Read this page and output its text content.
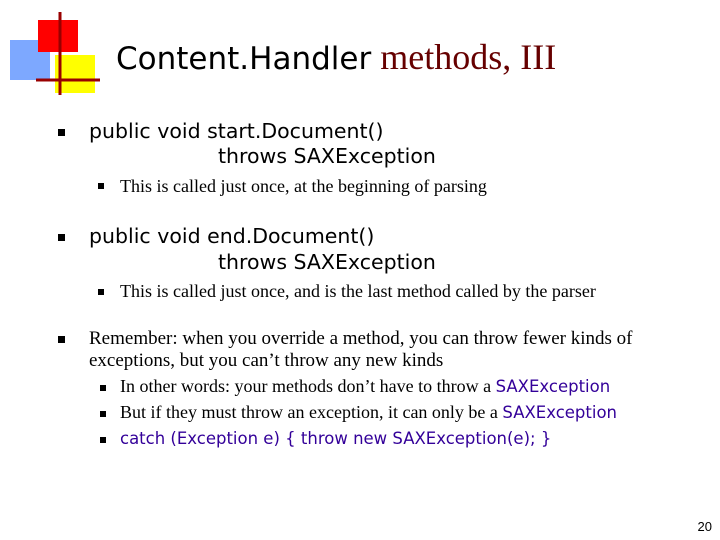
Content.Handler methods, III
public void start.Document()
throws SAXException
This is called just once, at the beginning of parsing
public void end.Document()
throws SAXException
This is called just once, and is the last method called by the parser
Remember: when you override a method, you can throw fewer kinds of
exceptions, but you can’t throw any new kinds
In other words: your methods don’t have to throw a SAXException
But if they must throw an exception, it can only be a SAXException
catch (Exception e) { throw new SAXException(e); }
20
